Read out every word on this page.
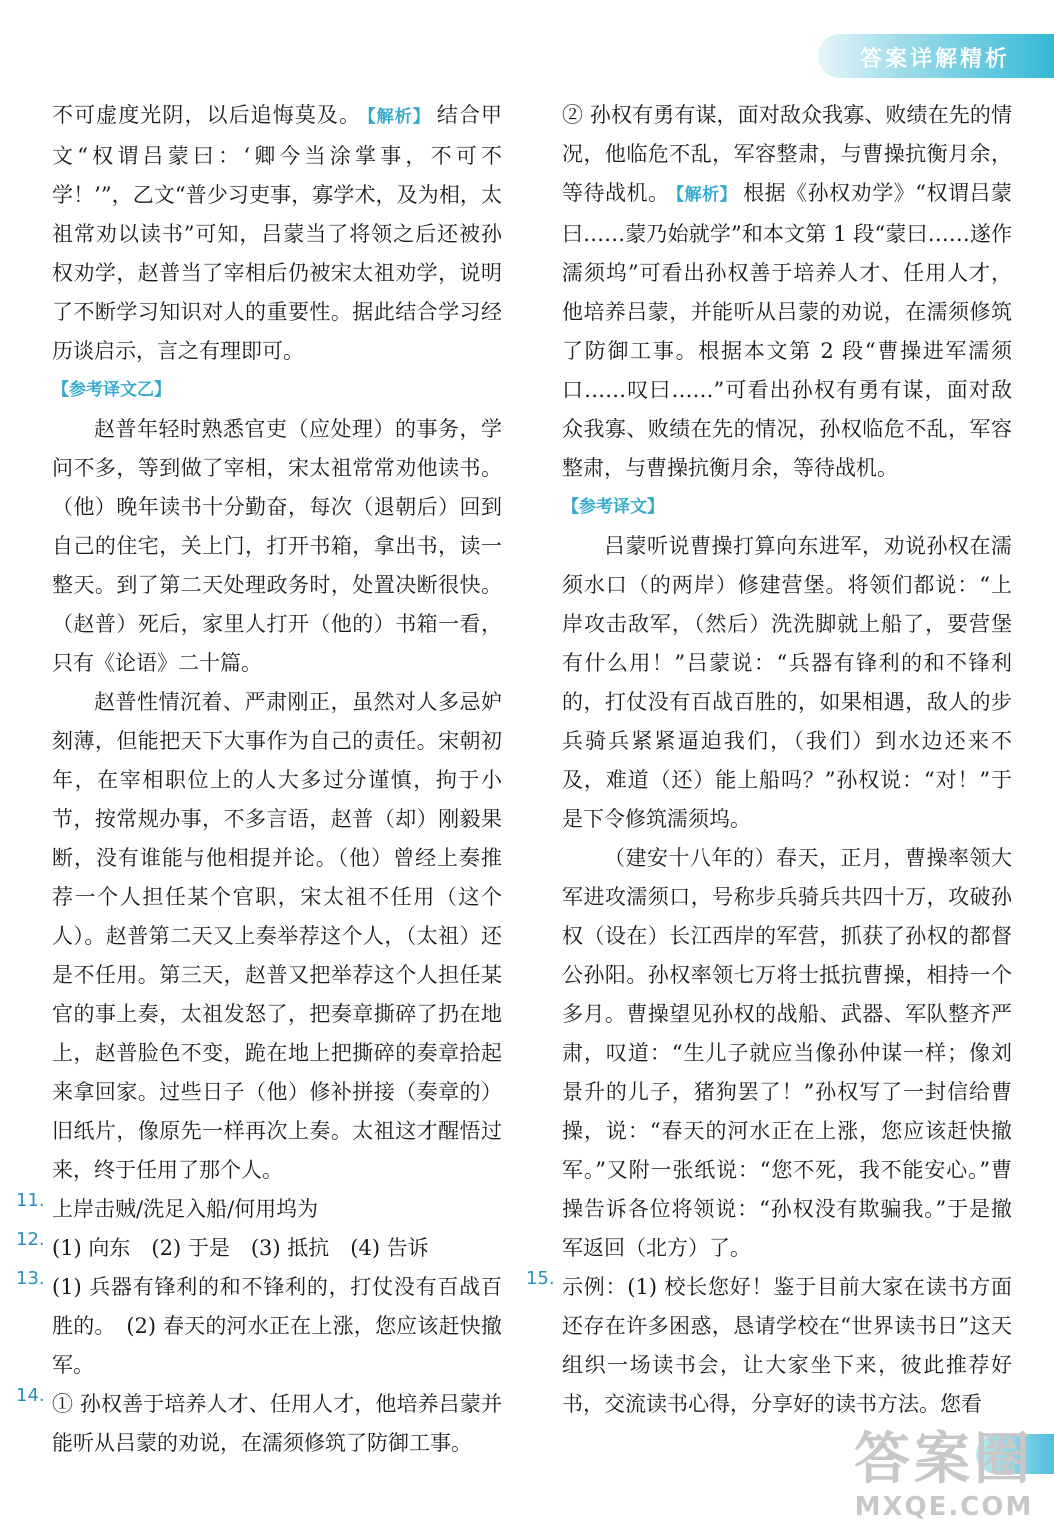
答案详解精析

不可虚度光阴，以后追悔莫及。 【解析】 结合甲文“权谓吕蒙曰：‘卿今当涂掌事，不可不学！’”，乙文“普少习吏事，寡学术，及为相，太祖常劝以读书”可知，吕蒙当了将领之后还被孙权劝学，赵普当了宰相后仍被宋太祖劝学，说明了不断学习知识对人的重要性。据此结合学习经历谈启示，言之有理即可。

【参考译文乙】

赵普年轻时熟悉官吏（应处理）的事务，学问不多，等到做了宰相，宋太祖常常劝他读书。（他）晚年读书十分勤奋，每次（退朝后）回到自己的住宅，关上门，打开书箱，拿出书，读一整天。到了第二天处理政务时，处置决断很快。（赵普）死后，家里人打开（他的）书箱一看，只有《论语》二十篇。

赵普性情沉着、严肃刚正，虽然对人多忌妒刻薄，但能把天下大事作为自己的责任。宋朝初年，在宰相职位上的人大多过分谨慎，拘于小节，按常规办事，不多言语，赵普（却）刚毅果断，没有谁能与他相提并论。（他）曾经上奏推荐一个人担任某个官职，宋太祖不任用（这个人）。赵普第二天又上奏举荐这个人，（太祖）还是不任用。第三天，赵普又把举荐这个人担任某官的事上奏，太祖发怒了，把奏章撕碎了扔在地上，赵普脸色不变，跪在地上把撕碎的奏章拾起来拿回家。过些日子（他）修补拼接（奏章的）旧纸片，像原先一样再次上奏。太祖这才醒悟过来，终于任用了那个人。

11. 上岸击贼/洗足入船/何用坞为

12. (1) 向东　(2) 于是　(3) 抵抗　(4) 告诉

13. (1) 兵器有锋利的和不锋利的，打仗没有百战百胜的。　(2) 春天的河水正在上涨，您应该赶快撤军。

14. ① 孙权善于培养人才、任用人才，他培养吕蒙并能听从吕蒙的劝说，在濡须修筑了防御工事。

② 孙权有勇有谋，面对敌众我寡、败绩在先的情况，他临危不乱，军容整肃，与曹操抗衡月余，等待战机。 【解析】 根据《孙权劝学》“权谓吕蒙曰……蒙乃始就学”和本文第 1 段“蒙曰……遂作濡须坞”可看出孙权善于培养人才、任用人才，他培养吕蒙，并能听从吕蒙的劝说，在濡须修筑了防御工事。根据本文第 2 段“曹操进军濡须口……叹曰……”可看出孙权有勇有谋，面对敌众我寡、败绩在先的情况，孙权临危不乱，军容整肃，与曹操抗衡月余，等待战机。

【参考译文】

吕蒙听说曹操打算向东进军，劝说孙权在濡须水口（的两岸）修建营堡。将领们都说：“上岸攻击敌军，（然后）洗洗脚就上船了，要营堡有什么用！”吕蒙说：“兵器有锋利的和不锋利的，打仗没有百战百胜的，如果相遇，敌人的步兵骑兵紧紧逼迫我们，（我们）到水边还来不及，难道（还）能上船吗？”孙权说：“对！”于是下令修筑濡须坞。

（建安十八年的）春天，正月，曹操率领大军进攻濡须口，号称步兵骑兵共四十万，攻破孙权（设在）长江西岸的军营，抓获了孙权的都督公孙阳。孙权率领七万将士抵抗曹操，相持一个多月。曹操望见孙权的战船、武器、军队整齐严肃，叹道：“生儿子就应当像孙仲谋一样；像刘景升的儿子，猪狗罢了！”孙权写了一封信给曹操，说：“春天的河水正在上涨，您应该赶快撤军。”又附一张纸说：“您不死，我不能安心。”曹操告诉各位将领说：“孙权没有欺骗我。”于是撤军返回（北方）了。

15. 示例：(1) 校长您好！鉴于目前大家在读书方面还存在许多困惑，恳请学校在“世界读书日”这天组织一场读书会，让大家坐下来，彼此推荐好书，交流读书心得，分享好的读书方法。您看

答案圈
MXQE.COM
